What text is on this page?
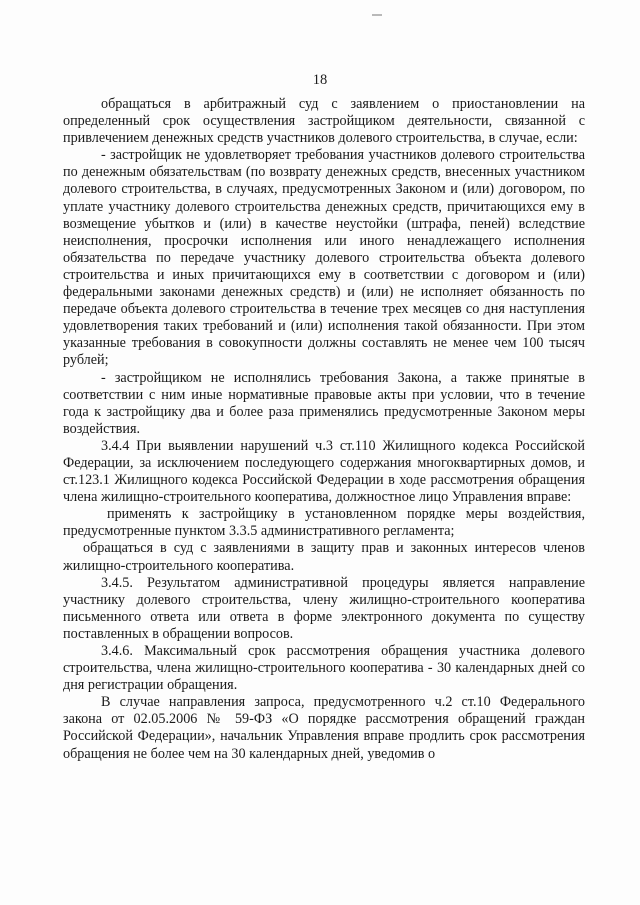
18

обращаться в арбитражный суд с заявлением о приостановлении на определенный срок осуществления застройщиком деятельности, связанной с привлечением денежных средств участников долевого строительства, в случае, если:

- застройщик не удовлетворяет требования участников долевого строительства по денежным обязательствам (по возврату денежных средств, внесенных участником долевого строительства, в случаях, предусмотренных Законом и (или) договором, по уплате участнику долевого строительства денежных средств, причитающихся ему в возмещение убытков и (или) в качестве неустойки (штрафа, пеней) вследствие неисполнения, просрочки исполнения или иного ненадлежащего исполнения обязательства по передаче участнику долевого строительства объекта долевого строительства и иных причитающихся ему в соответствии с договором и (или) федеральными законами денежных средств) и (или) не исполняет обязанность по передаче объекта долевого строительства в течение трех месяцев со дня наступления удовлетворения таких требований и (или) исполнения такой обязанности. При этом указанные требования в совокупности должны составлять не менее чем 100 тысяч рублей;

- застройщиком не исполнялись требования Закона, а также принятые в соответствии с ним иные нормативные правовые акты при условии, что в течение года к застройщику два и более раза применялись предусмотренные Законом меры воздействия.

3.4.4 При выявлении нарушений ч.3 ст.110 Жилищного кодекса Российской Федерации, за исключением последующего содержания многоквартирных домов, и ст.123.1 Жилищного кодекса Российской Федерации в ходе рассмотрения обращения члена жилищно-строительного кооператива, должностное лицо Управления вправе:

применять к застройщику в установленном порядке меры воздействия, предусмотренные пунктом 3.3.5 административного регламента;

обращаться в суд с заявлениями в защиту прав и законных интересов членов жилищно-строительного кооператива.

3.4.5. Результатом административной процедуры является направление участнику долевого строительства, члену жилищно-строительного кооператива письменного ответа или ответа в форме электронного документа по существу поставленных в обращении вопросов.

3.4.6. Максимальный срок рассмотрения обращения участника долевого строительства, члена жилищно-строительного кооператива - 30 календарных дней со дня регистрации обращения.

В случае направления запроса, предусмотренного ч.2 ст.10 Федерального закона от 02.05.2006 № 59-ФЗ «О порядке рассмотрения обращений граждан Российской Федерации», начальник Управления вправе продлить срок рассмотрения обращения не более чем на 30 календарных дней, уведомив о
